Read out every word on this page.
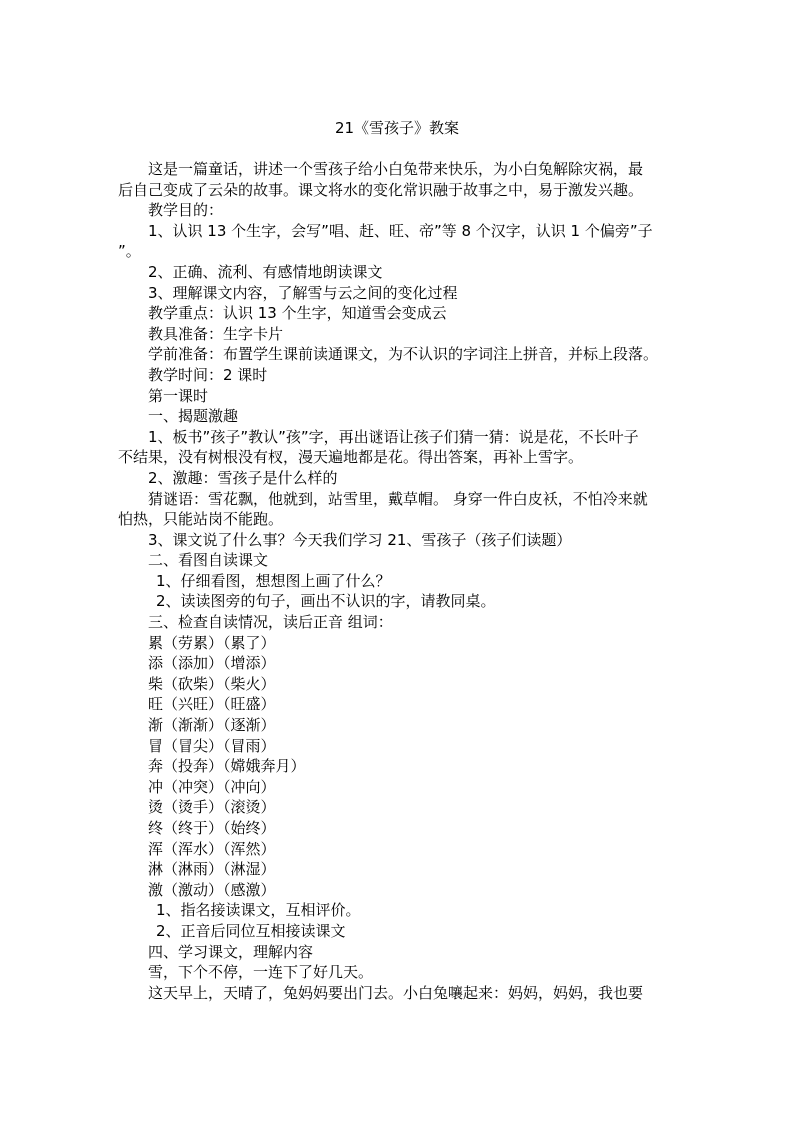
21《雪孩子》教案
这是一篇童话，讲述一个雪孩子给小白兔带来快乐，为小白兔解除灾祸，最
后自己变成了云朵的故事。课文将水的变化常识融于故事之中，易于激发兴趣。
教学目的：
1、认识 13 个生字，会写”唱、赶、旺、帝”等 8 个汉字，认识 1 个偏旁”子
”。
2、正确、流利、有感情地朗读课文
3、理解课文内容，了解雪与云之间的变化过程
教学重点：认识 13 个生字，知道雪会变成云
教具准备：生字卡片
学前准备：布置学生课前读通课文，为不认识的字词注上拼音，并标上段落。
教学时间：2 课时
第一课时
一、揭题激趣
1、板书”孩子”教认”孩”字，再出谜语让孩子们猜一猜：说是花，不长叶子
不结果，没有树根没有杈，漫天遍地都是花。得出答案，再补上雪字。
2、激趣：雪孩子是什么样的
猜谜语：雪花飘，他就到，站雪里，戴草帽。 身穿一件白皮袄，不怕冷来就
怕热，只能站岗不能跑。
3、课文说了什么事？今天我们学习 21、雪孩子（孩子们读题）
二、看图自读课文
1、仔细看图，想想图上画了什么？
2、读读图旁的句子，画出不认识的字，请教同桌。
三、检查自读情况，读后正音 组词：
累（劳累）（累了）
添（添加）（增添）
柴（砍柴）（柴火）
旺（兴旺）（旺盛）
渐（渐渐）（逐渐）
冒（冒尖）（冒雨）
奔（投奔）（嫦娥奔月）
冲（冲突）（冲向）
烫（烫手）（滚烫）
终（终于）（始终）
浑（浑水）（浑然）
淋（淋雨）（淋湿）
激（激动）（感激）
1、指名接读课文，互相评价。
2、正音后同位互相接读课文
四、学习课文，理解内容
雪，下个不停，一连下了好几天。
这天早上，天晴了，兔妈妈要出门去。小白兔嚷起来：妈妈，妈妈，我也要
